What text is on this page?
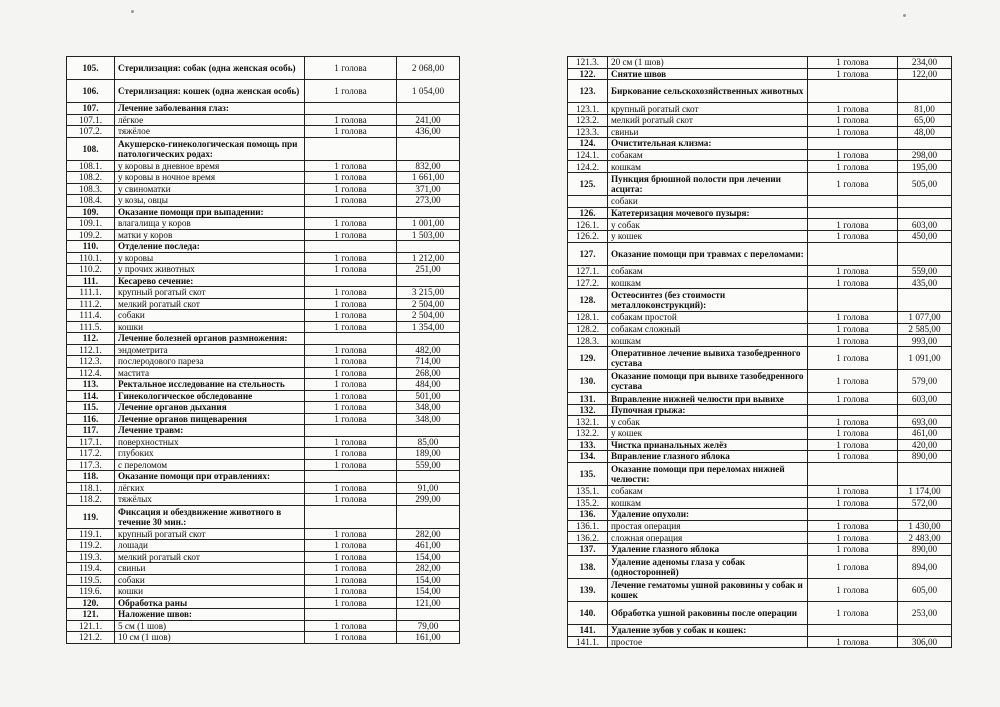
105.	Стерилизация: собак (одна женская особь)	1 голова	2 068,00
106.	Стерилизация: кошек (одна женская особь)	1 голова	1 054,00
107.	Лечение заболевания глаз:		
107.1.	лёгкое	1 голова	241,00
107.2.	тяжёлое	1 голова	436,00
108.	Акушерско-гинекологическая помощь при патологических родах:		
108.1.	у коровы в дневное время	1 голова	832,00
108.2.	у коровы в ночное время	1 голова	1 661,00
108.3.	у свиноматки	1 голова	371,00
108.4.	у козы, овцы	1 голова	273,00
109.	Оказание помощи при выпадении:		
109.1.	влагалища у коров	1 голова	1 001,00
109.2.	матки у коров	1 голова	1 503,00
110.	Отделение последа:		
110.1.	у коровы	1 голова	1 212,00
110.2.	у прочих животных	1 голова	251,00
111.	Кесарево сечение:		
111.1.	крупный рогатый скот	1 голова	3 215,00
111.2.	мелкий рогатый скот	1 голова	2 504,00
111.4.	собаки	1 голова	2 504,00
111.5.	кошки	1 голова	1 354,00
112.	Лечение болезней органов размножения:		
112.1.	эндометрита	1 голова	482,00
112.3.	послеродового пареза	1 голова	714,00
112.4.	мастита	1 голова	268,00
113.	Ректальное исследование на стельность	1 голова	484,00
114.	Гинекологическое обследование	1 голова	501,00
115.	Лечение органов дыхания	1 голова	348,00
116.	Лечение органов пищеварения	1 голова	348,00
117.	Лечение травм:		
117.1.	поверхностных	1 голова	85,00
117.2.	глубоких	1 голова	189,00
117.3.	с переломом	1 голова	559,00
118.	Оказание помощи при отравлениях:		
118.1.	лёгких	1 голова	91,00
118.2.	тяжёлых	1 голова	299,00
119.	Фиксация и обездвижение животного в течение 30 мин.:		
119.1.	крупный рогатый скот	1 голова	282,00
119.2.	лошади	1 голова	461,00
119.3.	мелкий рогатый скот	1 голова	154,00
119.4.	свиньи	1 голова	282,00
119.5.	собаки	1 голова	154,00
119.6.	кошки	1 голова	154,00
120.	Обработка раны	1 голова	121,00
121.	Наложение швов:		
121.1.	5 см (1 шов)	1 голова	79,00
121.2.	10 см (1 шов)	1 голова	161,00
121.3.	20 см (1 шов)	1 голова	234,00
122.	Снятие швов	1 голова	122,00
123.	Биркование сельскохозяйственных животных		
123.1.	крупный рогатый скот	1 голова	81,00
123.2.	мелкий рогатый скот	1 голова	65,00
123.3.	свиньи	1 голова	48,00
124.	Очистительная клизма:		
124.1.	собакам	1 голова	298,00
124.2.	кошкам	1 голова	195,00
125.	Пункция брюшной полости при лечении асцита:	1 голова	505,00
	собаки		
126.	Катетеризация мочевого пузыря:		
126.1.	у собак	1 голова	603,00
126.2.	у кошек	1 голова	450,00
127.	Оказание помощи при травмах с переломами:		
127.1.	собакам	1 голова	559,00
127.2.	кошкам	1 голова	435,00
128.	Остеосинтез (без стоимости металлоконструкций):		
128.1.	собакам простой	1 голова	1 077,00
128.2.	собакам сложный	1 голова	2 585,00
128.3.	кошкам	1 голова	993,00
129.	Оперативное лечение вывиха тазобедренного сустава	1 голова	1 091,00
130.	Оказание помощи при вывихе тазобедренного сустава	1 голова	579,00
131.	Вправление нижней челюсти при вывихе	1 голова	603,00
132.	Пупочная грыжа:		
132.1.	у собак	1 голова	693,00
132.2.	у кошек	1 голова	461,00
133.	Чистка прианальных желёз	1 голова	420,00
134.	Вправление глазного яблока	1 голова	890,00
135.	Оказание помощи при переломах нижней челюсти:		
135.1.	собакам	1 голова	1 174,00
135.2.	кошкам	1 голова	572,00
136.	Удаление опухоли:		
136.1.	простая операция	1 голова	1 430,00
136.2.	сложная операция	1 голова	2 483,00
137.	Удаление глазного яблока	1 голова	890,00
138.	Удаление аденомы глаза у собак (односторонней)	1 голова	894,00
139.	Лечение гематомы ушной раковины у собак и кошек	1 голова	605,00
140.	Обработка ушной раковины после операции	1 голова	253,00
141.	Удаление зубов у собак и кошек:		
141.1.	простое	1 голова	306,00
